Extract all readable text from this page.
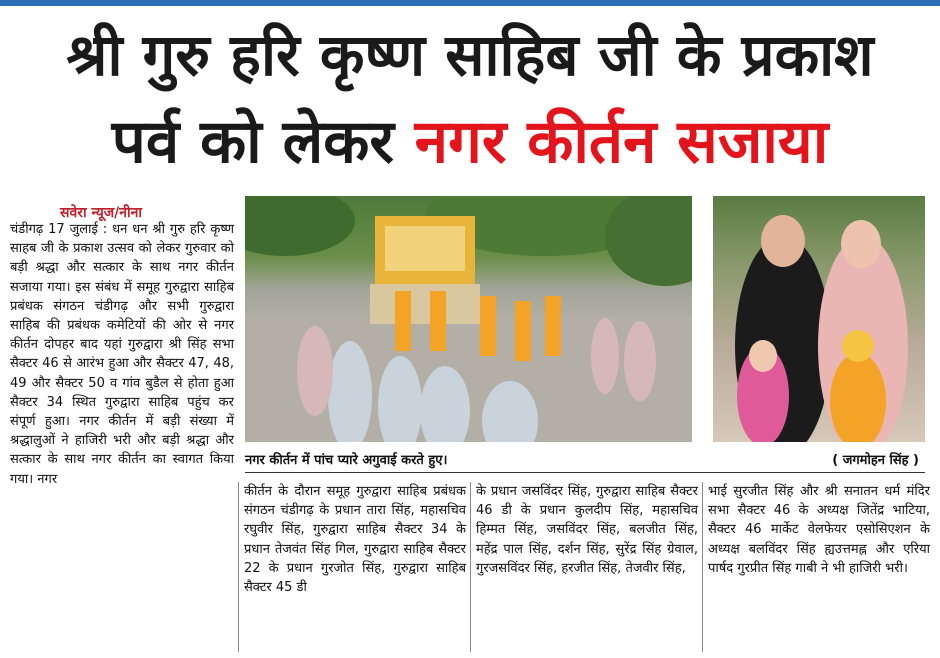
श्री गुरु हरि कृष्ण साहिब जी के प्रकाश
पर्व को लेकर नगर कीर्तन सजाया
सवेरा न्यूज/नीना
चंडीगढ़ 17 जुलाई : धन धन श्री गुरु हरि कृष्ण साहब जी के प्रकाश उत्सव को लेकर गुरुवार को बड़ी श्रद्धा और सत्कार के साथ नगर कीर्तन सजाया गया। इस संबंध में समूह गुरुद्वारा साहिब प्रबंधक संगठन चंडीगढ़ और सभी गुरुद्वारा साहिब की प्रबंधक कमेटियों की ओर से नगर कीर्तन दोपहर बाद यहां गुरुद्वारा श्री सिंह सभा सैक्टर 46 से आरंभ हुआ और सैक्टर 47, 48, 49 और सैक्टर 50 व गांव बुडैल से होता हुआ सैक्टर 34 स्थित गुरुद्वारा साहिब पहुंच कर संपूर्ण हुआ। नगर कीर्तन में बड़ी संख्या में श्रद्धालुओं ने हाजिरी भरी और बड़ी श्रद्धा और सत्कार के साथ नगर कीर्तन का स्वागत किया गया। नगर
नगर कीर्तन में पांच प्यारे अगुवाई करते हुए।	( जगमोहन सिंह )
कीर्तन के दौरान समूह गुरुद्वारा साहिब प्रबंधक संगठन चंडीगढ़ के प्रधान तारा सिंह, महासचिव रघुवीर सिंह, गुरुद्वारा साहिब सैक्टर 34 के प्रधान तेजवंत सिंह गिल, गुरुद्वारा साहिब सैक्टर 22 के प्रधान गुरजोत सिंह, गुरुद्वारा साहिब सैक्टर 45 डी
के प्रधान जसविंदर सिंह, गुरुद्वारा साहिब सैक्टर 46 डी के प्रधान कुलदीप सिंह, महासचिव हिम्मत सिंह, जसविंदर सिंह, बलजीत सिंह, महेंद्र पाल सिंह, दर्शन सिंह, सुरेंद्र सिंह ग्रेवाल, गुरजसविंदर सिंह, हरजीत सिंह, तेजवीर सिंह,
भाई सुरजीत सिंह और श्री सनातन धर्म मंदिर सभा सैक्टर 46 के अध्यक्ष जितेंद्र भाटिया, सैक्टर 46 मार्केट वेलफेयर एसोसिएशन के अध्यक्ष बलविंदर सिंह ह्यउत्तमह्न और एरिया पार्षद गुरप्रीत सिंह गाबी ने भी हाजिरी भरी।
